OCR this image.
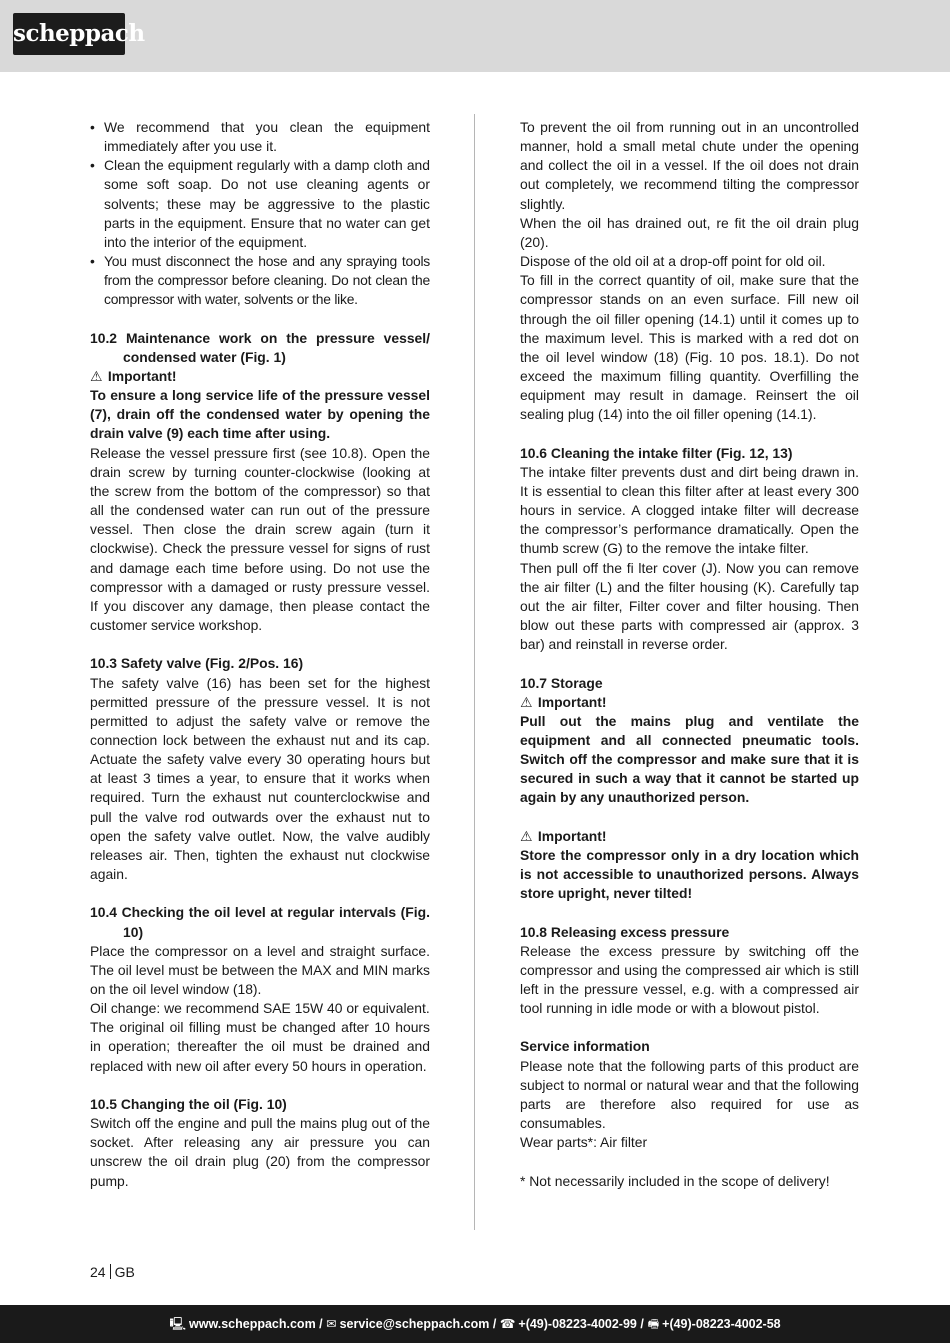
scheppach
• We recommend that you clean the equipment immediately after you use it.
• Clean the equipment regularly with a damp cloth and some soft soap. Do not use cleaning agents or solvents; these may be aggressive to the plastic parts in the equipment. Ensure that no water can get into the interior of the equipment.
• You must disconnect the hose and any spraying tools from the compressor before cleaning. Do not clean the compressor with water, solvents or the like.

10.2 Maintenance work on the pressure vessel/ condensed water (Fig. 1)

⚠ Important!

To ensure a long service life of the pressure vessel (7), drain off the condensed water by opening the drain valve (9) each time after using.

Release the vessel pressure first (see 10.8). Open the drain screw by turning counter-clockwise (looking at the screw from the bottom of the compressor) so that all the condensed water can run out of the pressure vessel. Then close the drain screw again (turn it clockwise). Check the pressure vessel for signs of rust and damage each time before using. Do not use the compressor with a damaged or rusty pressure vessel. If you discover any damage, then please contact the customer service workshop.

10.3 Safety valve (Fig. 2/Pos. 16)

The safety valve (16) has been set for the highest permitted pressure of the pressure vessel. It is not permitted to adjust the safety valve or remove the connection lock between the exhaust nut and its cap. Actuate the safety valve every 30 operating hours but at least 3 times a year, to ensure that it works when required. Turn the exhaust nut counterclockwise and pull the valve rod outwards over the exhaust nut to open the safety valve outlet. Now, the valve audibly releases air. Then, tighten the exhaust nut clockwise again.

10.4 Checking the oil level at regular intervals (Fig. 10)

Place the compressor on a level and straight surface. The oil level must be between the MAX and MIN marks on the oil level window (18).

Oil change: we recommend SAE 15W 40 or equivalent.

The original oil filling must be changed after 10 hours in operation; thereafter the oil must be drained and replaced with new oil after every 50 hours in operation.

10.5 Changing the oil (Fig. 10)

Switch off the engine and pull the mains plug out of the socket. After releasing any air pressure you can unscrew the oil drain plug (20) from the compressor pump.

To prevent the oil from running out in an uncontrolled manner, hold a small metal chute under the opening and collect the oil in a vessel. If the oil does not drain out completely, we recommend tilting the compressor slightly.

When the oil has drained out, re fit the oil drain plug (20).

Dispose of the old oil at a drop-off point for old oil.

To fill in the correct quantity of oil, make sure that the compressor stands on an even surface. Fill new oil through the oil filler opening (14.1) until it comes up to the maximum level. This is marked with a red dot on the oil level window (18) (Fig. 10 pos. 18.1). Do not exceed the maximum filling quantity. Overfilling the equipment may result in damage. Reinsert the oil sealing plug (14) into the oil filler opening (14.1).

10.6 Cleaning the intake filter (Fig. 12, 13)

The intake filter prevents dust and dirt being drawn in. It is essential to clean this filter after at least every 300 hours in service. A clogged intake filter will decrease the compressor’s performance dramatically. Open the thumb screw (G) to the remove the intake filter.

Then pull off the fi lter cover (J). Now you can remove the air filter (L) and the filter housing (K). Carefully tap out the air filter, Filter cover and filter housing. Then blow out these parts with compressed air (approx. 3 bar) and reinstall in reverse order.

10.7 Storage

⚠ Important!

Pull out the mains plug and ventilate the equipment and all connected pneumatic tools. Switch off the compressor and make sure that it is secured in such a way that it cannot be started up again by any unauthorized person.

⚠ Important!

Store the compressor only in a dry location which is not accessible to unauthorized persons. Always store upright, never tilted!

10.8 Releasing excess pressure

Release the excess pressure by switching off the compressor and using the compressed air which is still left in the pressure vessel, e.g. with a compressed air tool running in idle mode or with a blowout pistol.

Service information

Please note that the following parts of this product are subject to normal or natural wear and that the following parts are therefore also required for use as consumables.

Wear parts*: Air filter

* Not necessarily included in the scope of delivery!

24 GB
🖳 www.scheppach.com / ✉ service@scheppach.com / ☎ +(49)-08223-4002-99 / 🖷 +(49)-08223-4002-58
